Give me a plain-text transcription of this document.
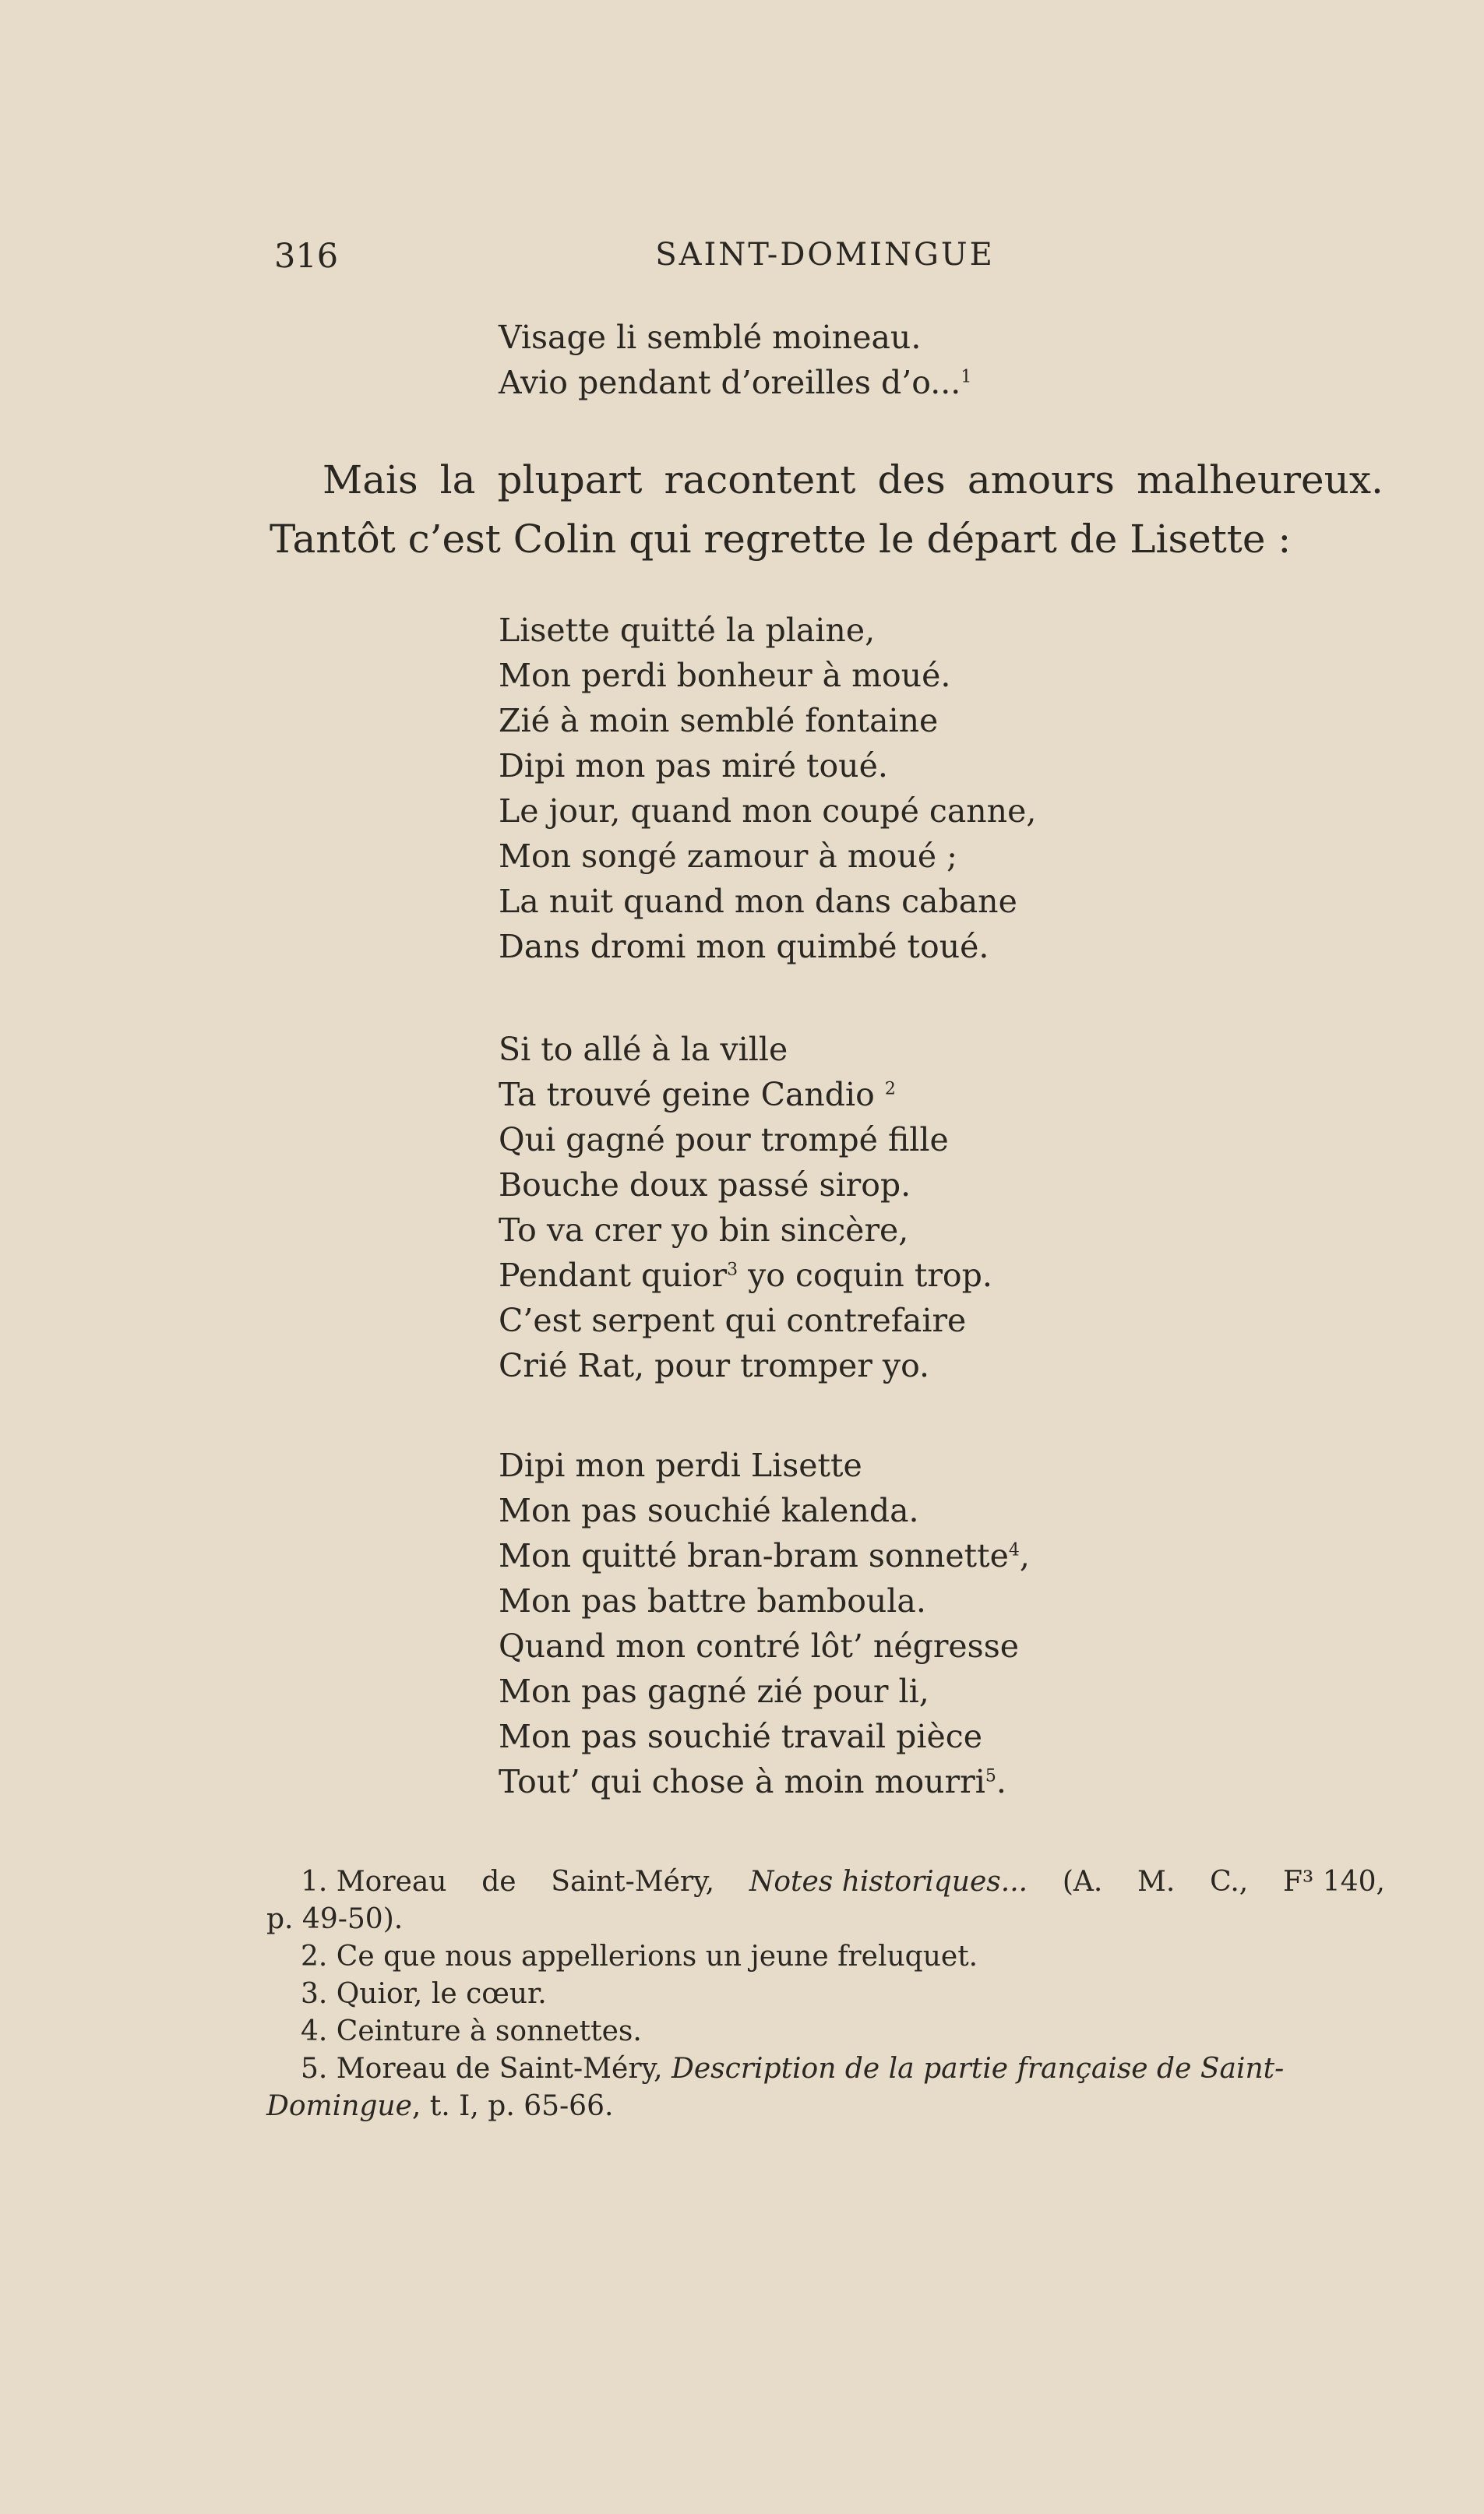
316	SAINT-DOMINGUE
Visage li semblé moineau.
Avio pendant d’oreilles d’o...$^1$
Mais la plupart racontent des amours malheureux.
Tantôt c’est Colin qui regrette le départ de Lisette :
Lisette quitté la plaine,
Mon perdi bonheur à moué.
Zié à moin semblé fontaine
Dipi mon pas miré toué.
Le jour, quand mon coupé canne,
Mon songé zamour à moué ;
La nuit quand mon dans cabane
Dans dromi mon quimbé toué.
Si to allé à la ville
Ta trouvé geine Candio $^2$
Qui gagné pour trompé fille
Bouche doux passé sirop.
To va crer yo bin sincère,
Pendant quior$^3$ yo coquin trop.
C’est serpent qui contrefaire
Crié Rat, pour tromper yo.
Dipi mon perdi Lisette
Mon pas souchié kalenda.
Mon quitté bran-bram sonnette$^4$,
Mon pas battre bamboula.
Quand mon contré lôt’ négresse
Mon pas gagné zié pour li,
Mon pas souchié travail pièce
Tout’ qui chose à moin mourri$^5$.
1. Moreau de Saint-Méry, Notes historiques... (A. M. C., F³ 140,
p. 49-50).
2. Ce que nous appellerions un jeune freluquet.
3. Quior, le cœur.
4. Ceinture à sonnettes.
5. Moreau de Saint-Méry, Description de la partie française de Saint-
Domingue, t. I, p. 65-66.
